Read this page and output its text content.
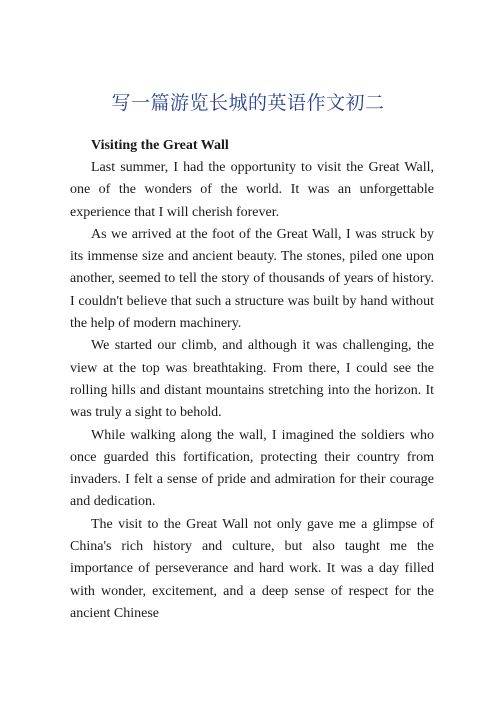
写一篇游览长城的英语作文初二

Visiting the Great Wall

Last summer, I had the opportunity to visit the Great Wall, one of the wonders of the world. It was an unforgettable experience that I will cherish forever.

As we arrived at the foot of the Great Wall, I was struck by its immense size and ancient beauty. The stones, piled one upon another, seemed to tell the story of thousands of years of history. I couldn't believe that such a structure was built by hand without the help of modern machinery.

We started our climb, and although it was challenging, the view at the top was breathtaking. From there, I could see the rolling hills and distant mountains stretching into the horizon. It was truly a sight to behold.

While walking along the wall, I imagined the soldiers who once guarded this fortification, protecting their country from invaders. I felt a sense of pride and admiration for their courage and dedication.

The visit to the Great Wall not only gave me a glimpse of China's rich history and culture, but also taught me the importance of perseverance and hard work. It was a day filled with wonder, excitement, and a deep sense of respect for the ancient Chinese
